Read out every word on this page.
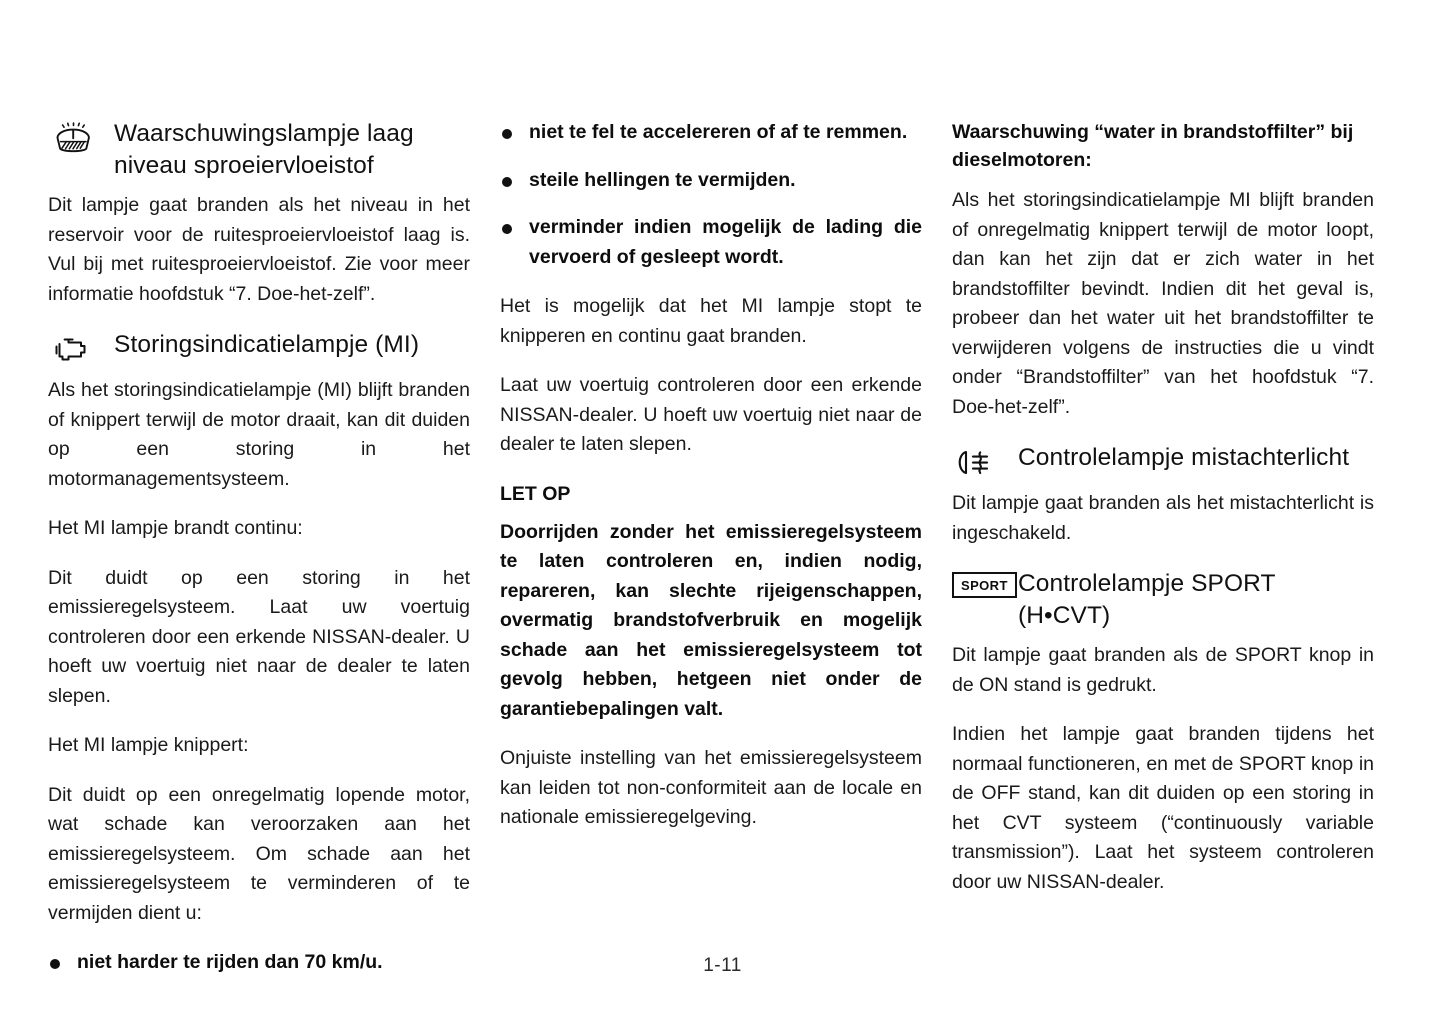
Waarschuwingslampje laag niveau sproeiervloeistof

Dit lampje gaat branden als het niveau in het reservoir voor de ruitesproeiervloeistof laag is. Vul bij met ruitesproeiervloeistof. Zie voor meer informatie hoofdstuk “7. Doe-het-zelf”.

Storingsindicatielampje (MI)

Als het storingsindicatielampje (MI) blijft branden of knippert terwijl de motor draait, kan dit duiden op een storing in het motormanagementsysteem.

Het MI lampje brandt continu:

Dit duidt op een storing in het emissieregelsysteem. Laat uw voertuig controleren door een erkende NISSAN-dealer. U hoeft uw voertuig niet naar de dealer te laten slepen.

Het MI lampje knippert:

Dit duidt op een onregelmatig lopende motor, wat schade kan veroorzaken aan het emissieregelsysteem. Om schade aan het emissieregelsysteem te verminderen of te vermijden dient u:

niet harder te rijden dan 70 km/u.
niet te fel te accelereren of af te remmen.
steile hellingen te vermijden.
verminder indien mogelijk de lading die vervoerd of gesleept wordt.

Het is mogelijk dat het MI lampje stopt te knipperen en continu gaat branden.

Laat uw voertuig controleren door een erkende NISSAN-dealer. U hoeft uw voertuig niet naar de dealer te laten slepen.

LET OP

Doorrijden zonder het emissieregelsysteem te laten controleren en, indien nodig, repareren, kan slechte rijeigenschappen, overmatig brandstofverbruik en mogelijk schade aan het emissieregelsysteem tot gevolg hebben, hetgeen niet onder de garantiebepalingen valt.

Onjuiste instelling van het emissieregelsysteem kan leiden tot non-conformiteit aan de locale en nationale emissieregelgeving.

Waarschuwing “water in brandstoffilter” bij dieselmotoren:

Als het storingsindicatielampje MI blijft branden of onregelmatig knippert terwijl de motor loopt, dan kan het zijn dat er zich water in het brandstoffilter bevindt. Indien dit het geval is, probeer dan het water uit het brandstoffilter te verwijderen volgens de instructies die u vindt onder “Brandstoffilter” van het hoofdstuk “7. Doe-het-zelf”.

Controlelampje mistachterlicht

Dit lampje gaat branden als het mistachterlicht is ingeschakeld.

SPORT Controlelampje SPORT (H•CVT)

Dit lampje gaat branden als de SPORT knop in de ON stand is gedrukt.

Indien het lampje gaat branden tijdens het normaal functioneren, en met de SPORT knop in de OFF stand, kan dit duiden op een storing in het CVT systeem (“continuously variable transmission”). Laat het systeem controleren door uw NISSAN-dealer.

1-11
